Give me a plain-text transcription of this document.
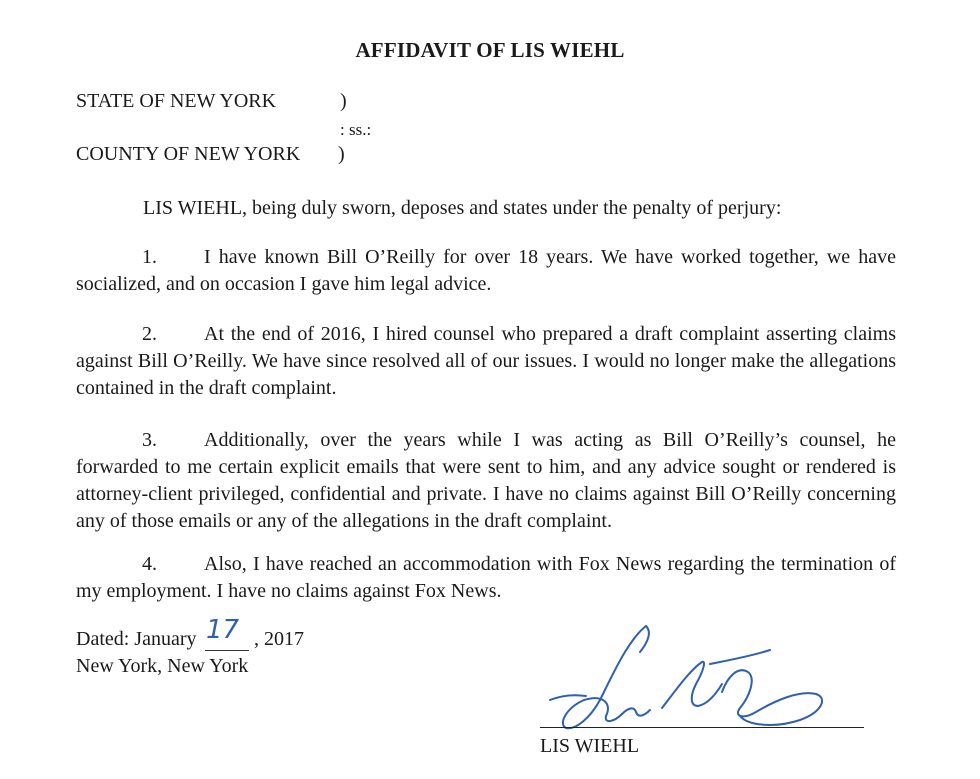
AFFIDAVIT OF LIS WIEHL
STATE OF NEW YORK	)
: ss.:
COUNTY OF NEW YORK )
LIS WIEHL, being duly sworn, deposes and states under the penalty of perjury:
1. I have known Bill O’Reilly for over 18 years. We have worked together, we have socialized, and on occasion I gave him legal advice.
2. At the end of 2016, I hired counsel who prepared a draft complaint asserting claims against Bill O’Reilly. We have since resolved all of our issues. I would no longer make the allegations contained in the draft complaint.
3. Additionally, over the years while I was acting as Bill O’Reilly’s counsel, he forwarded to me certain explicit emails that were sent to him, and any advice sought or rendered is attorney-client privileged, confidential and private. I have no claims against Bill O’Reilly concerning any of those emails or any of the allegations in the draft complaint.
4. Also, I have reached an accommodation with Fox News regarding the termination of my employment. I have no claims against Fox News.
Dated: January 17 , 2017
New York, New York
LIS WIEHL
